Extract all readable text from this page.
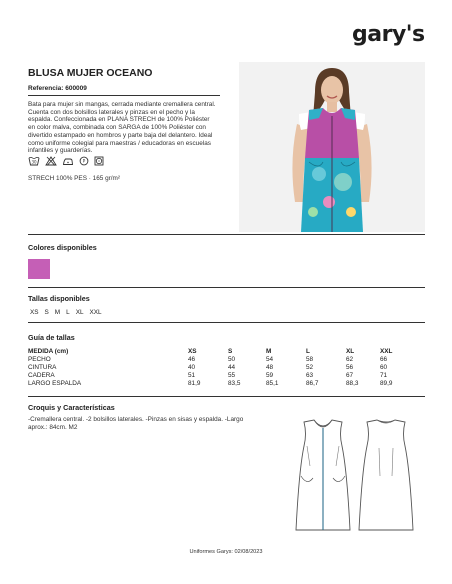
gary's
BLUSA MUJER OCEANO
Referencia: 600009
Bata para mujer sin mangas, cerrada mediante cremallera central. Cuenta con dos bolsillos laterales y pinzas en el pecho y la espalda. Confeccionada en PLANA STRECH de 100% Poliéster en color malva, combinada con SARGA de 100% Poliéster con divertido estampado en hombros y parte baja del delantero. Ideal como uniforme colegial para maestras / educadoras en escuelas infantiles y guarderías.
30	P
STRECH 100% PES · 165 gr/m²
Colores disponibles
Tallas disponibles
XS S M L XL XXL
Guía de tallas
MEDIDA (cm)	XS	S	M	L	XL	XXL
PECHO	46	50	54	58	62	66
CINTURA	40	44	48	52	56	60
CADERA	51	55	59	63	67	71
LARGO ESPALDA	81,9	83,5	85,1	86,7	88,3	89,9
Croquis y Características
-Cremallera central. -2 bolsillos laterales. -Pinzas en sisas y espalda. -Largo aprox.: 84cm. M2
Uniformes Garys: 02/08/2023
